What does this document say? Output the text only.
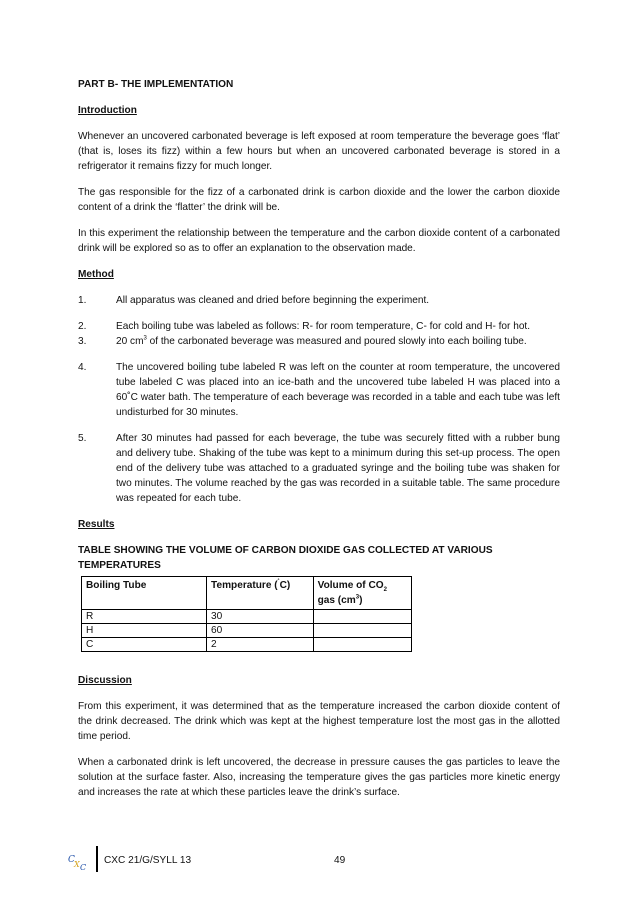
PART B- THE IMPLEMENTATION
Introduction

Whenever an uncovered carbonated beverage is left exposed at room temperature the beverage goes ‘flat’ (that is, loses its fizz) within a few hours but when an uncovered carbonated beverage is stored in a refrigerator it remains fizzy for much longer.

The gas responsible for the fizz of a carbonated drink is carbon dioxide and the lower the carbon dioxide content of a drink the ‘flatter’ the drink will be.

In this experiment the relationship between the temperature and the carbon dioxide content of a carbonated drink will be explored so as to offer an explanation to the observation made.

Method
1.	All apparatus was cleaned and dried before beginning the experiment.
2.	Each boiling tube was labeled as follows: R- for room temperature, C- for cold and H- for hot.
3.	20 $cm^3$ of the carbonated beverage was measured and poured slowly into each boiling tube.
4.	The uncovered boiling tube labeled R was left on the counter at room temperature, the uncovered tube labeled C was placed into an ice-bath and the uncovered tube labeled H was placed into a 60˚C water bath. The temperature of each beverage was recorded in a table and each tube was left undisturbed for 30 minutes.
5.	After 30 minutes had passed for each beverage, the tube was securely fitted with a rubber bung and delivery tube. Shaking of the tube was kept to a minimum during this set-up process. The open end of the delivery tube was attached to a graduated syringe and the boiling tube was shaken for two minutes. The volume reached by the gas was recorded in a suitable table. The same procedure was repeated for each tube.
Results
TABLE SHOWING THE VOLUME OF CARBON DIOXIDE GAS COLLECTED AT VARIOUS TEMPERATURES
Boiling Tube	Temperature (˚C)	Volume of $CO_2$ gas $(cm^3)$
R	30	
H	60	
C	2	
Discussion

From this experiment, it was determined that as the temperature increased the carbon dioxide content of the drink decreased. The drink which was kept at the highest temperature lost the most gas in the allotted time period.

When a carbonated drink is left uncovered, the decrease in pressure causes the gas particles to leave the solution at the surface faster. Also, increasing the temperature gives the gas particles more kinetic energy and increases the rate at which these particles leave the drink’s surface.

C X C
CXC 21/G/SYLL 13	49
